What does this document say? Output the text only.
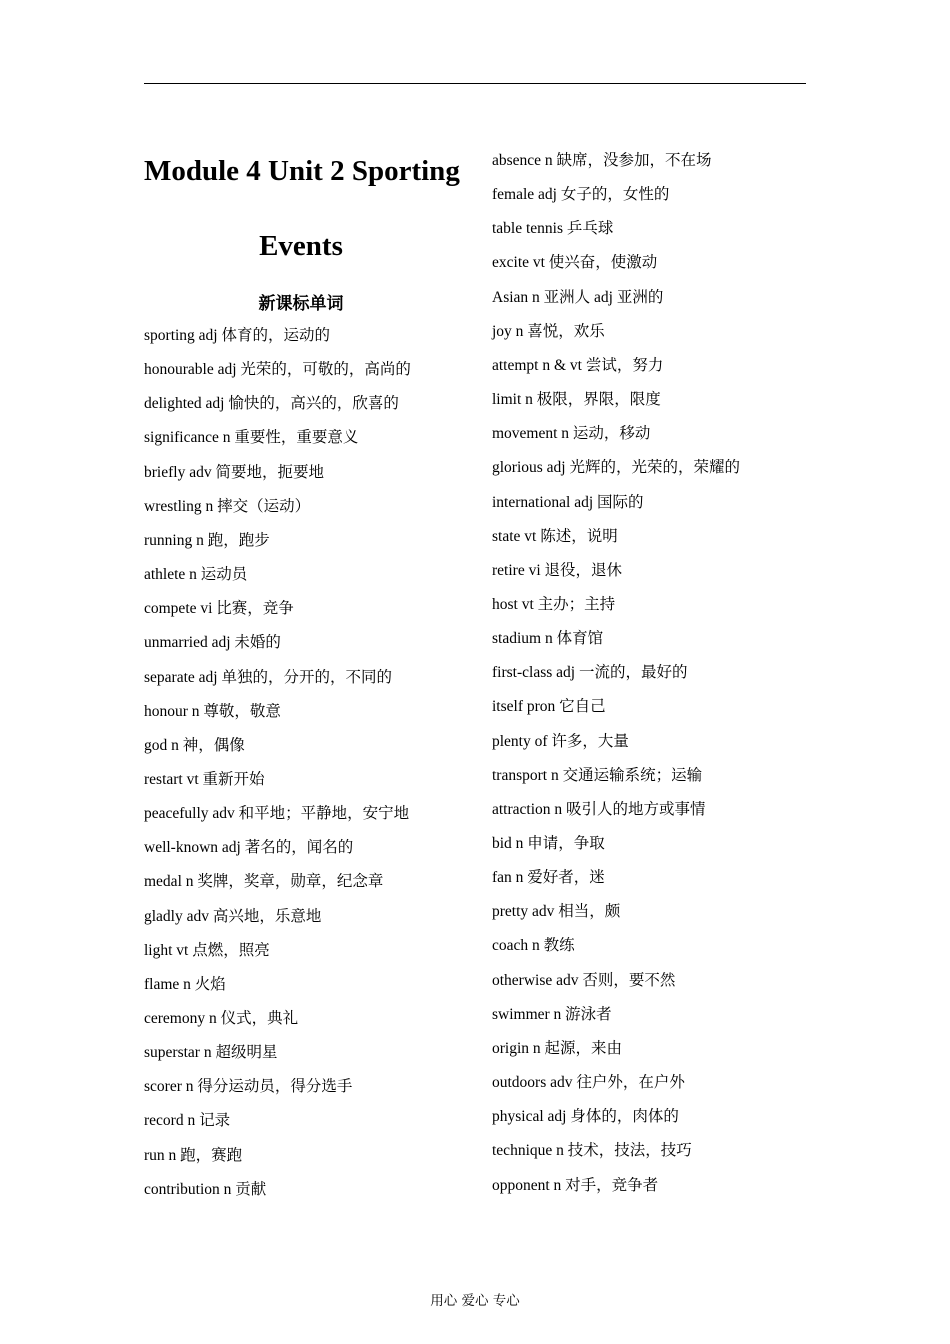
Module 4 Unit 2 Sporting
Events
新课标单词
sporting adj 体育的，运动的
honourable adj 光荣的，可敬的，高尚的
delighted adj 愉快的，高兴的，欣喜的
significance n 重要性，重要意义
briefly adv 简要地，扼要地
wrestling n 摔交（运动）
running n 跑，跑步
athlete n 运动员
compete vi 比赛，竞争
unmarried adj 未婚的
separate adj 单独的，分开的，不同的
honour n 尊敬，敬意
god n 神，偶像
restart vt 重新开始
peacefully adv 和平地；平静地，安宁地
well-known adj 著名的，闻名的
medal n 奖牌，奖章，勋章，纪念章
gladly adv 高兴地，乐意地
light vt 点燃，照亮
flame n 火焰
ceremony n 仪式，典礼
superstar n 超级明星
scorer n 得分运动员，得分选手
record n 记录
run n 跑，赛跑
contribution n 贡献
absence n 缺席，没参加，不在场
female adj 女子的，女性的
table tennis 乒乓球
excite vt 使兴奋，使激动
Asian n 亚洲人 adj 亚洲的
joy n 喜悦，欢乐
attempt n & vt 尝试，努力
limit n 极限，界限，限度
movement n 运动，移动
glorious adj 光辉的，光荣的，荣耀的
international adj 国际的
state vt 陈述，说明
retire vi 退役，退休
host vt 主办；主持
stadium n 体育馆
first-class adj 一流的，最好的
itself pron 它自己
plenty of 许多，大量
transport n 交通运输系统；运输
attraction n 吸引人的地方或事情
bid n 申请，争取
fan n 爱好者，迷
pretty adv 相当，颇
coach n 教练
otherwise adv 否则，要不然
swimmer n 游泳者
origin n 起源，来由
outdoors adv 往户外，在户外
physical adj 身体的，肉体的
technique n 技术，技法，技巧
opponent n 对手，竞争者
用心 爱心 专心
